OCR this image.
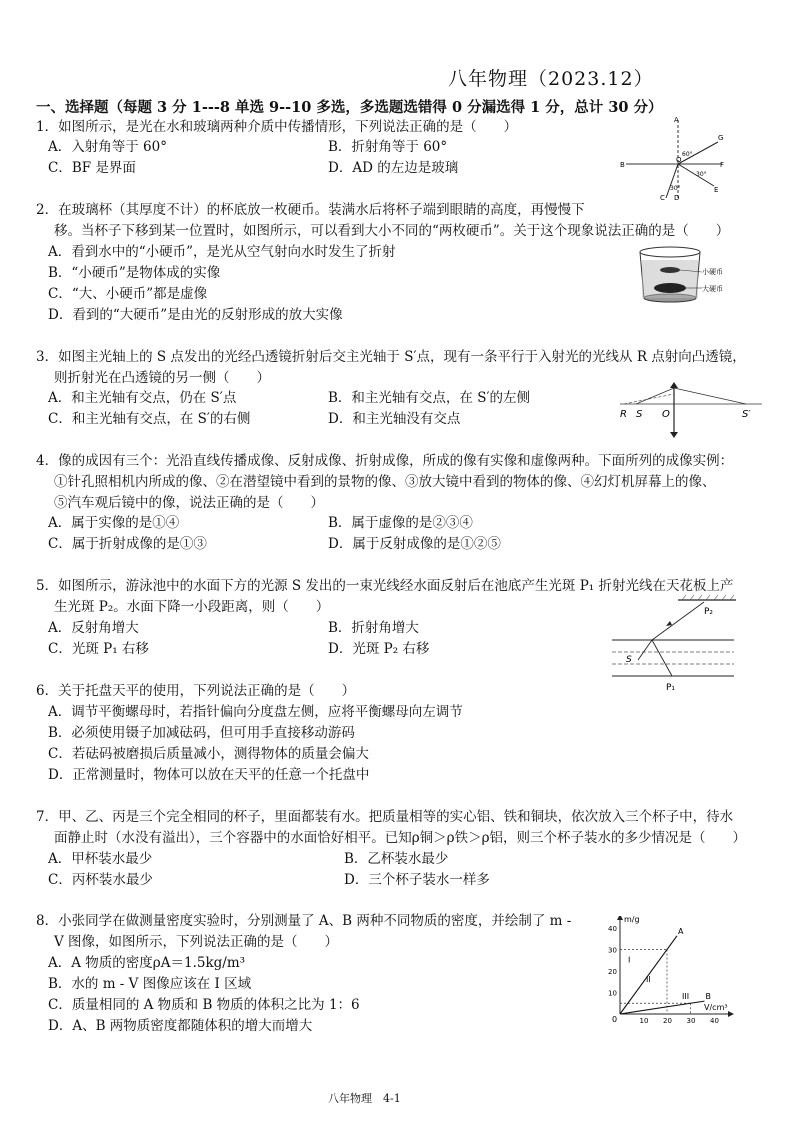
八年物理（2023.12）
一、选择题（每题 3 分 1---8 单选 9--10 多选，多选题选错得 0 分漏选得 1 分，总计 30 分）
1．如图所示，是光在水和玻璃两种介质中传播情形，下列说法正确的是（　　）
A．入射角等于 60°	B．折射角等于 60°
C．BF 是界面	D．AD 的左边是玻璃
A
O
G
B	F
C D
E
60°
30°
30°
2．在玻璃杯（其厚度不计）的杯底放一枚硬币。装满水后将杯子端到眼睛的高度，再慢慢下
移。当杯子下移到某一位置时，如图所示，可以看到大小不同的“两枚硬币”。关于这个现象说法正确的是（　　）
A．看到水中的“小硬币”，是光从空气射向水时发生了折射
B．“小硬币”是物体成的实像
C．“大、小硬币”都是虚像
D．看到的“大硬币”是由光的反射形成的放大实像
小硬币
大硬币
3．如图主光轴上的 S 点发出的光经凸透镜折射后交主光轴于 S′点，现有一条平行于入射光的光线从 R 点射向凸透镜，
则折射光在凸透镜的另一侧（　　）
A．和主光轴有交点，仍在 S′点	B．和主光轴有交点，在 S′的左侧
C．和主光轴有交点，在 S′的右侧	D．和主光轴没有交点	R S O	S′
4．像的成因有三个：光沿直线传播成像、反射成像、折射成像，所成的像有实像和虚像两种。下面所列的成像实例：
①针孔照相机内所成的像、②在潜望镜中看到的景物的像、③放大镜中看到的物体的像、④幻灯机屏幕上的像、
⑤汽车观后镜中的像，说法正确的是（　　）
A．属于实像的是①④	B．属于虚像的是②③④
C．属于折射成像的是①③	D．属于反射成像的是①②⑤
5．如图所示，游泳池中的水面下方的光源 S 发出的一束光线经水面反射后在池底产生光斑 P₁ 折射光线在天花板上产
生光斑 P₂。水面下降一小段距离，则（　　）
A．反射角增大	B．折射角增大
C．光斑 P₁ 右移	D．光斑 P₂ 右移
P₂
S
P₁
6．关于托盘天平的使用，下列说法正确的是（　　）
A．调节平衡螺母时，若指针偏向分度盘左侧，应将平衡螺母向左调节
B．必须使用镊子加减砝码，但可用手直接移动游码
C．若砝码被磨损后质量减小，测得物体的质量会偏大
D．正常测量时，物体可以放在天平的任意一个托盘中
7．甲、乙、丙是三个完全相同的杯子，里面都装有水。把质量相等的实心铝、铁和铜块，依次放入三个杯子中，待水
面静止时（水没有溢出），三个容器中的水面恰好相平。已知ρ铜＞ρ铁＞ρ铝，则三个杯子装水的多少情况是（　　）
A．甲杯装水最少	B．乙杯装水最少
C．丙杯装水最少	D．三个杯子装水一样多
8．小张同学在做测量密度实验时，分别测量了 A、B 两种不同物质的密度，并绘制了 m -
V 图像，如图所示，下列说法正确的是（　　）
A．A 物质的密度ρA＝1.5kg/m³
B．水的 m - V 图像应该在 Ⅰ 区域
C．质量相同的 A 物质和 B 物质的体积之比为 1：6
D．A、B 两物质密度都随体积的增大而增大
m/g
V/cm³
0	10 20 30 40
10
20
30
40	A
B
I
II
III
八年物理　4-1
